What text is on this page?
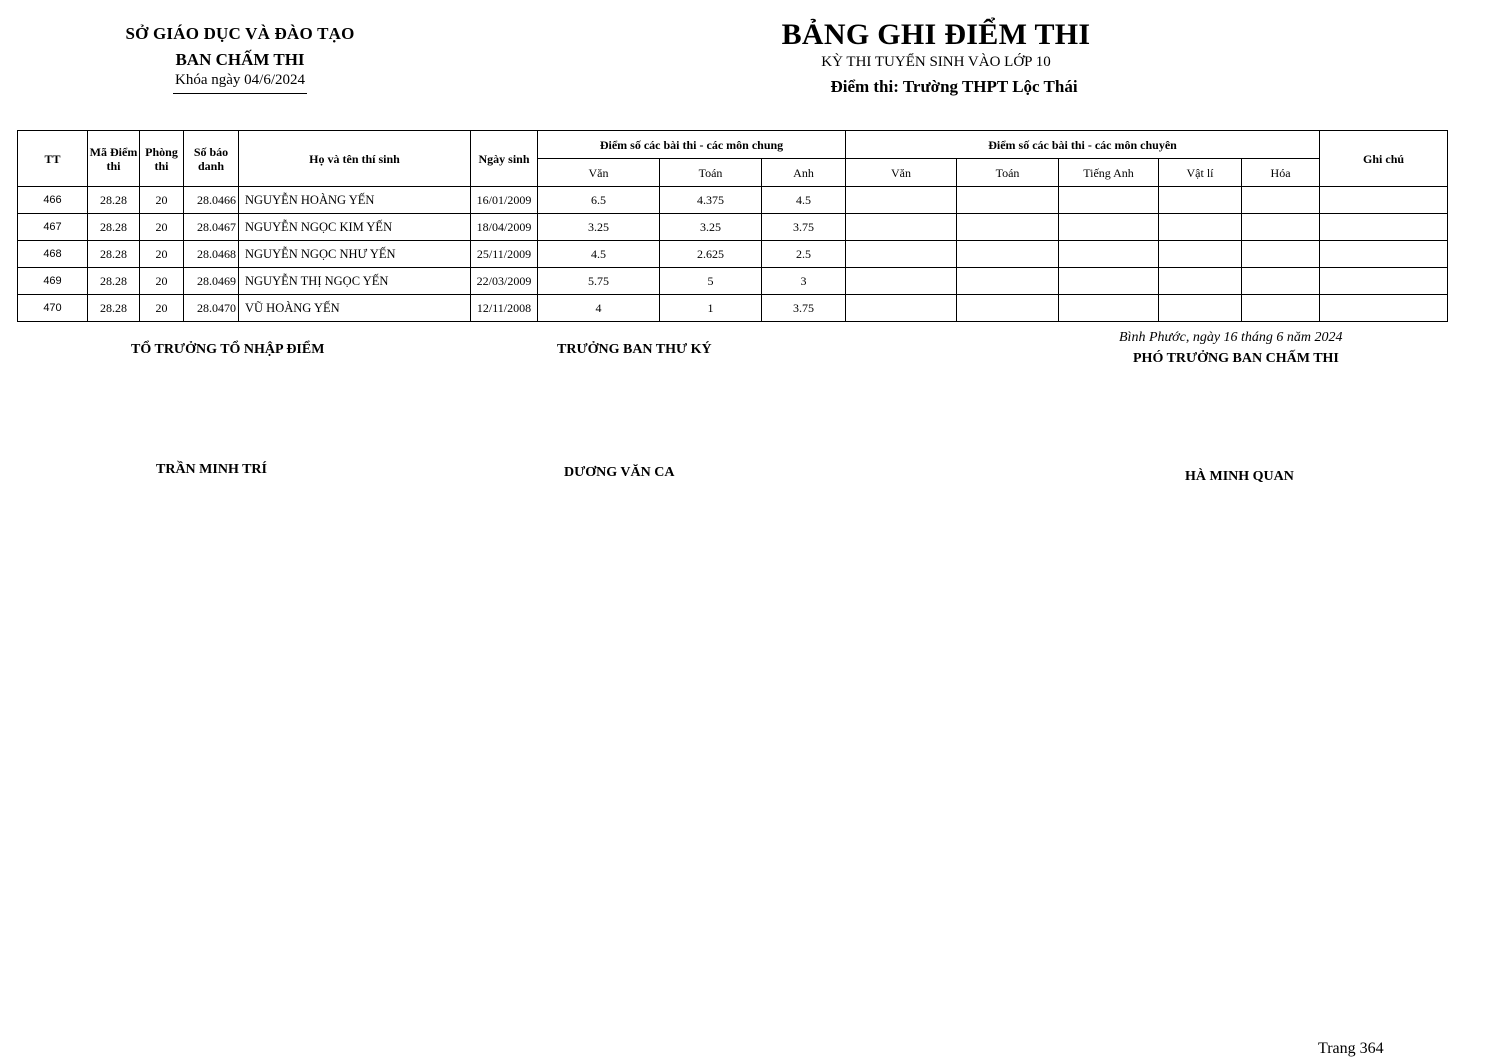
SỞ GIÁO DỤC VÀ ĐÀO TẠO
BAN CHẤM THI
Khóa ngày 04/6/2024
BẢNG GHI ĐIỂM THI
KỲ THI TUYỂN SINH VÀO LỚP 10
Điểm thi: Trường THPT Lộc Thái
TT	Mã Điểm thi	Phòng thi	Số báo danh	Họ và tên thí sinh	Ngày sinh	Điểm số các bài thi - các môn chung			Điểm số các bài thi - các môn chuyên					Ghi chú
						Văn	Toán	Anh	Văn	Toán	Tiếng Anh	Vật lí	Hóa	
466	28.28	20	28.0466	NGUYỄN HOÀNG YẾN	16/01/2009	6.5	4.375	4.5						
467	28.28	20	28.0467	NGUYỄN NGỌC KIM YẾN	18/04/2009	3.25	3.25	3.75						
468	28.28	20	28.0468	NGUYỄN NGỌC NHƯ YẾN	25/11/2009	4.5	2.625	2.5						
469	28.28	20	28.0469	NGUYỄN THỊ NGỌC YẾN	22/03/2009	5.75	5	3						
470	28.28	20	28.0470	VŨ HOÀNG YẾN	12/11/2008	4	1	3.75						
Bình Phước, ngày 16 tháng 6 năm 2024
TỔ TRƯỞNG TỔ NHẬP ĐIỂM	TRƯỞNG BAN THƯ KÝ
PHÓ TRƯỞNG BAN CHẤM THI
TRẦN MINH TRÍ	DƯƠNG VĂN CA	HÀ MINH QUAN
Trang 364
